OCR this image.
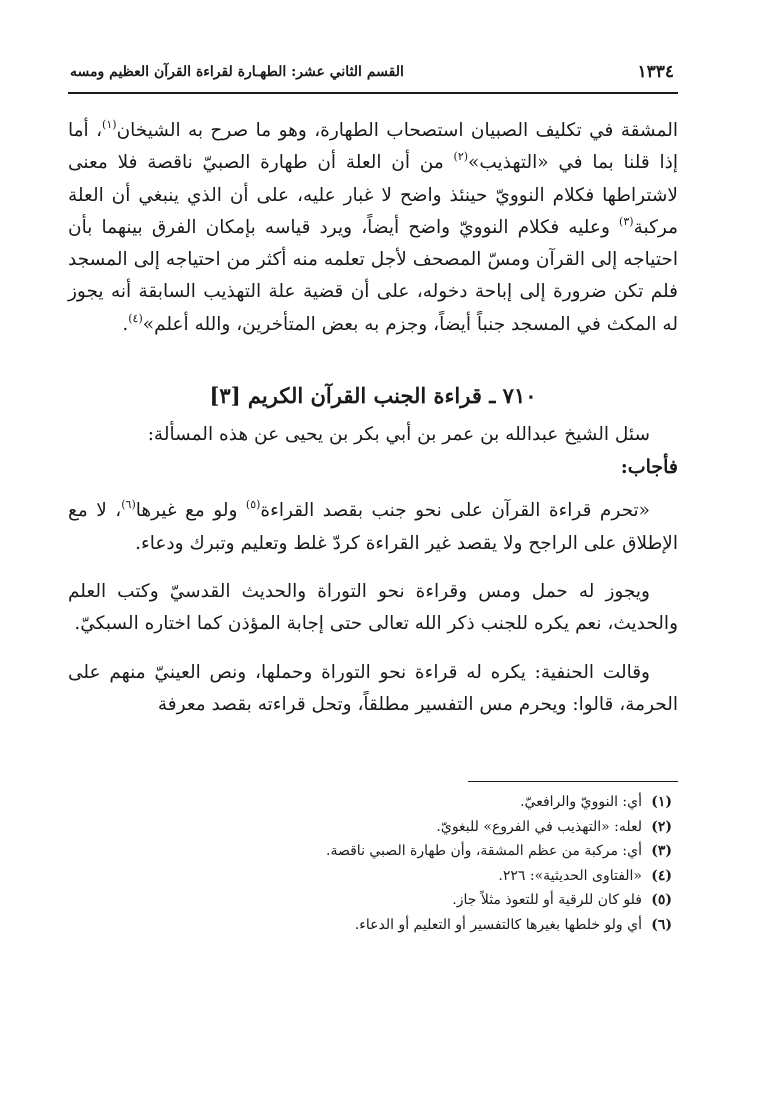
١٣٣٤
القسم الثاني عشر: الطهـارة لقراءة القرآن العظيم ومسه

المشقة في تكليف الصبيان استصحاب الطهارة، وهو ما صرح به الشيخان$^{(١)}$، أما إذا قلنا بما في «التهذيب»$^{(٢)}$ من أن العلة أن طهارة الصبيّ ناقصة فلا معنى لاشتراطها فكلام النوويّ حينئذ واضح لا غبار عليه، على أن الذي ينبغي أن العلة مركبة$^{(٣)}$ وعليه فكلام النوويّ واضح أيضاً، ويرد قياسه بإمكان الفرق بينهما بأن احتياجه إلى القرآن ومسّ المصحف لأجل تعلمه منه أكثر من احتياجه إلى المسجد فلم تكن ضرورة إلى إباحة دخوله، على أن قضية علة التهذيب السابقة أنه يجوز له المكث في المسجد جنباً أيضاً، وجزم به بعض المتأخرين، والله أعلم»$^{(٤)}$.

٧١٠ ـ قراءة الجنب القرآن الكريم [٣]

سئل الشيخ عبدالله بن عمر بن أبي بكر بن يحيى عن هذه المسألة:

فأجاب:

«تحرم قراءة القرآن على نحو جنب بقصد القراءة$^{(٥)}$ ولو مع غيرها$^{(٦)}$، لا مع الإطلاق على الراجح ولا يقصد غير القراءة كردّ غلط وتعليم وتبرك ودعاء.

ويجوز له حمل ومس وقراءة نحو التوراة والحديث القدسيّ وكتب العلم والحديث، نعم يكره للجنب ذكر الله تعالى حتى إجابة المؤذن كما اختاره السبكيّ.

وقالت الحنفية: يكره له قراءة نحو التوراة وحملها، ونص العينيّ منهم على الحرمة، قالوا: ويحرم مس التفسير مطلقاً، وتحل قراءته بقصد معرفة

(١)أي: النوويّ والرافعيّ.
(٢)لعله: «التهذيب في الفروع» للبغويّ.
(٣)أي: مركبة من عظم المشقة، وأن طهارة الصبي ناقصة.
(٤)«الفتاوى الحديثية»: ٢٢٦.
(٥)فلو كان للرقية أو للتعوذ مثلاً جاز.
(٦)أي ولو خلطها بغيرها كالتفسير أو التعليم أو الدعاء.
